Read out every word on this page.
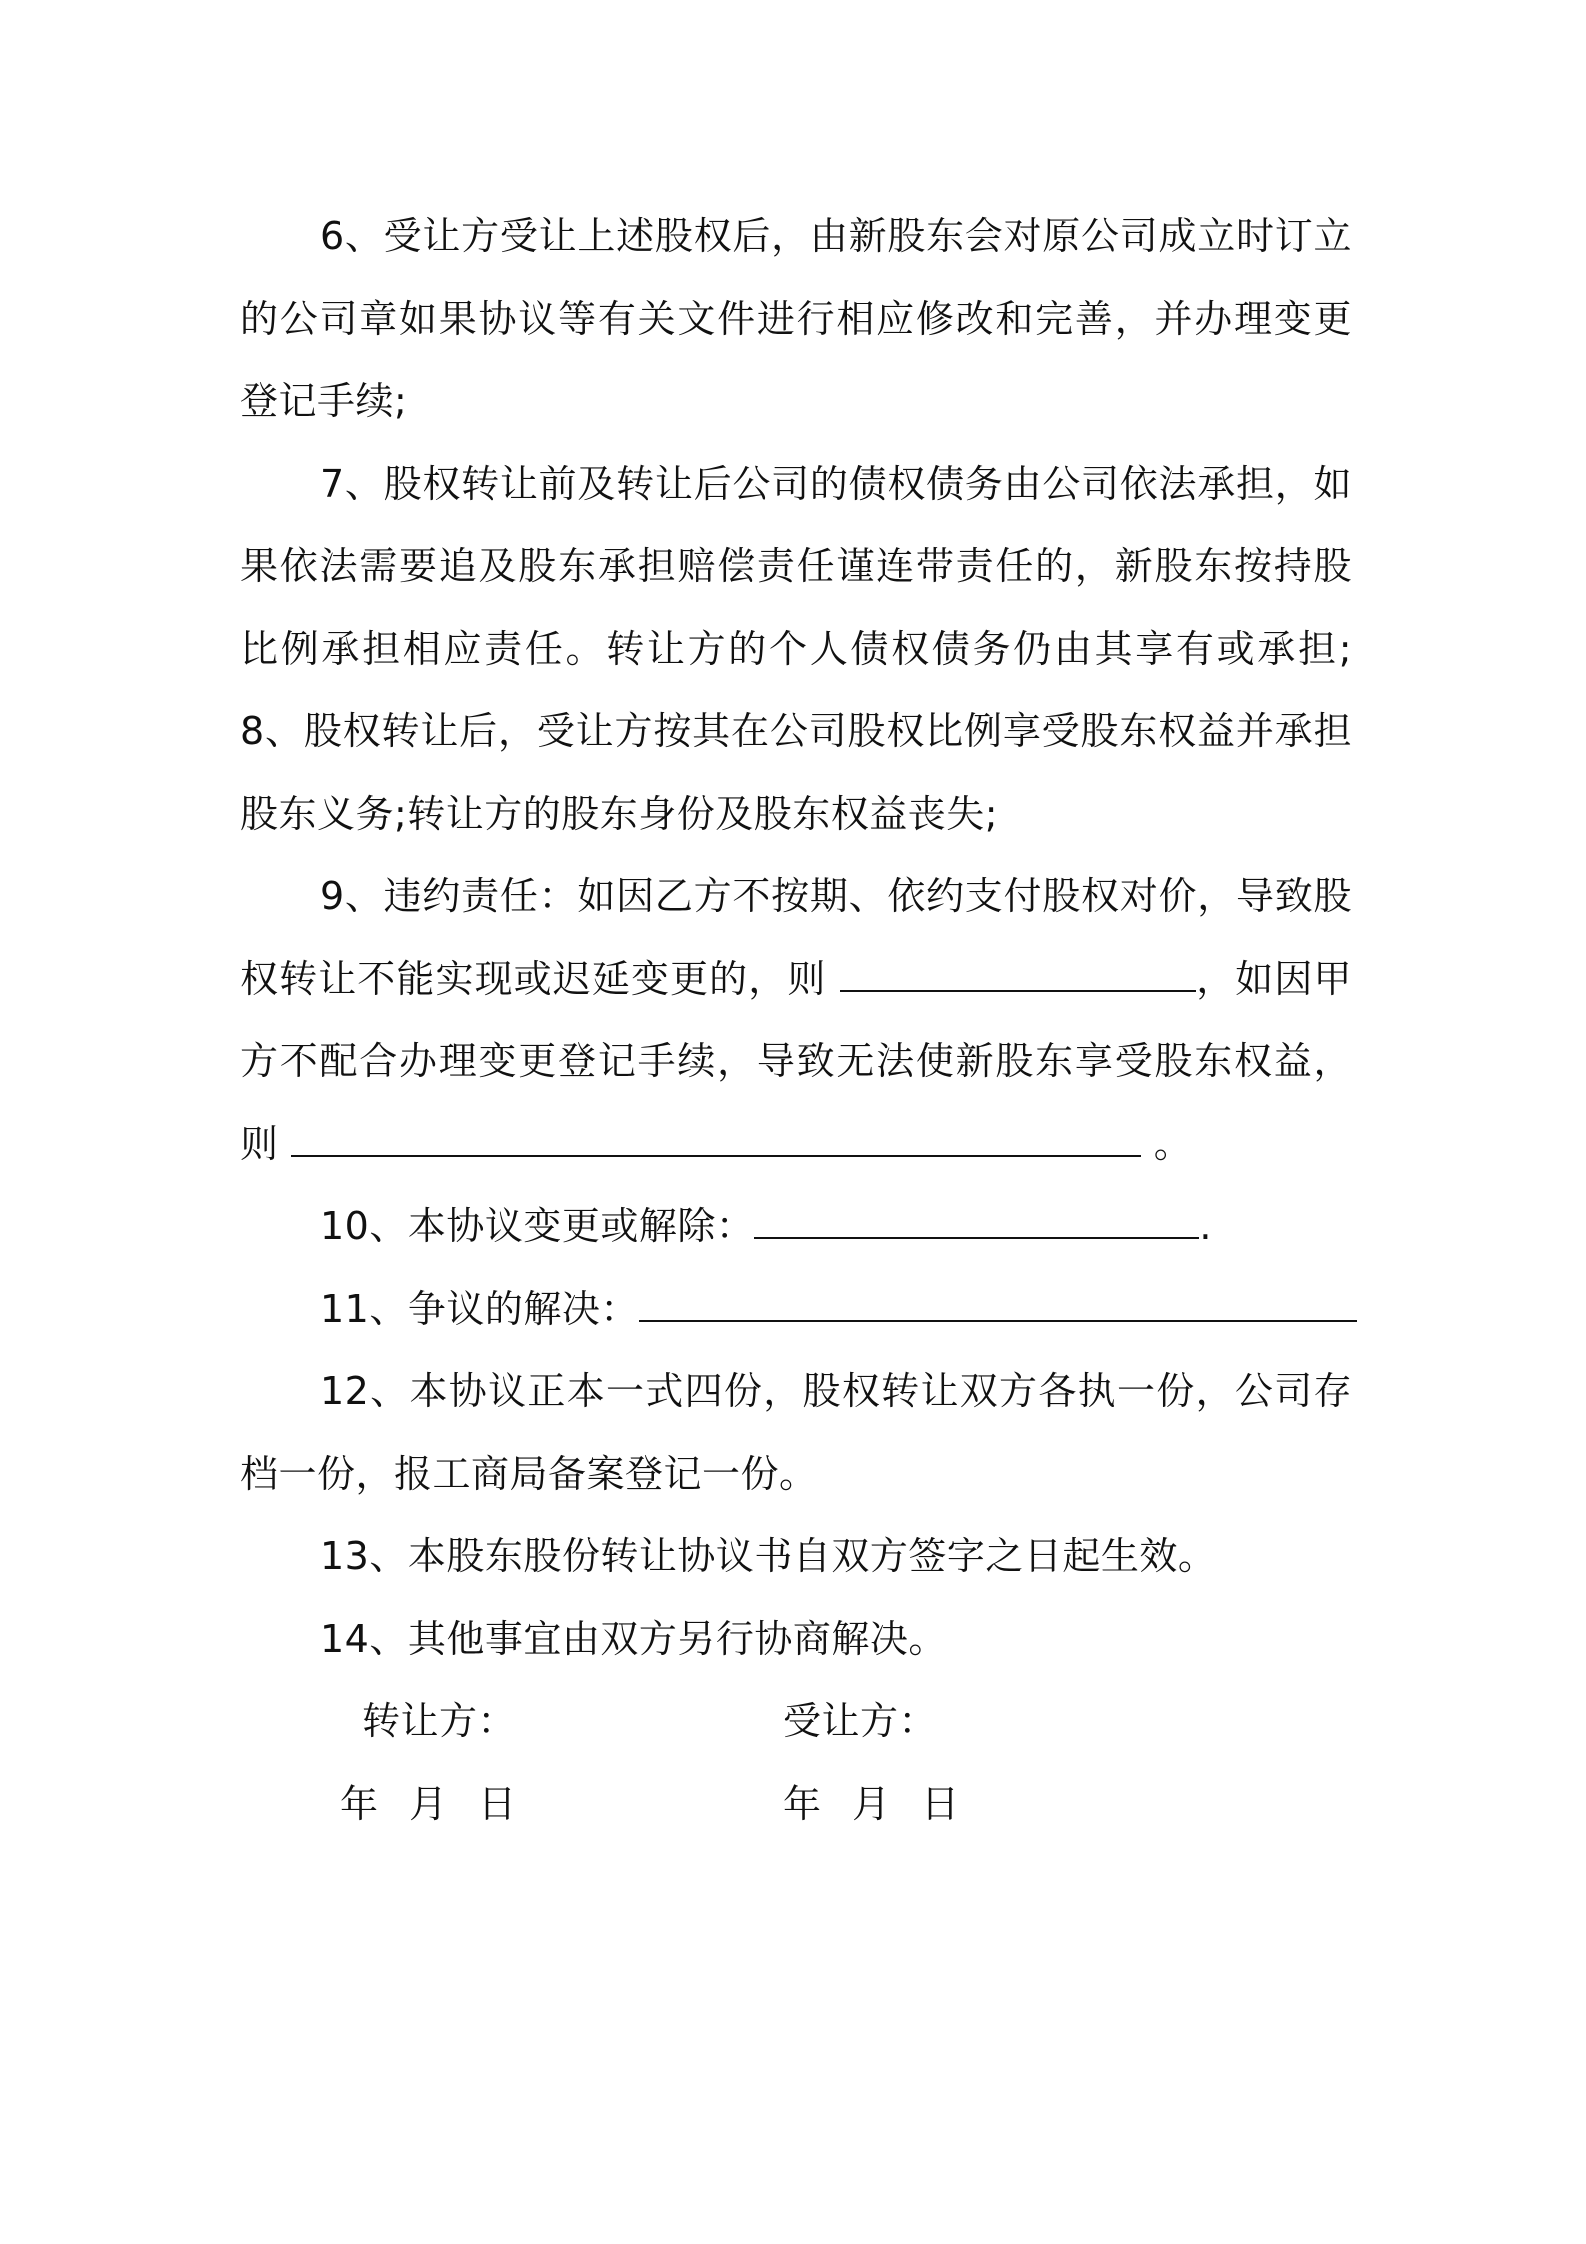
6、受让方受让上述股权后，由新股东会对原公司成立时订立的公司章如果协议等有关文件进行相应修改和完善，并办理变更 登记手续;

7、股权转让前及转让后公司的债权债务由公司依法承担，如果依法需要追及股东承担赔偿责任谨连带责任的，新股东按持股比例承担相应责任。转让方的个人债权债务仍由其享有或承担; 8、股权转让后，受让方按其在公司股权比例享受股东权益并承担股东义务;转让方的股东身份及股东权益丧失;

9、违约责任：如因乙方不按期、依约支付股权对价，导致股权转让不能实现或迟延变更的，则	，如因甲方不配合办理变更登记手续，导致无法使新股东享受股东权益，则	。

10、本协议变更或解除：	.

11、争议的解决：

12、本协议正本一式四份，股权转让双方各执一份，公司存档一份，报工商局备案登记一份。

13、本股东股份转让协议书自双方签字之日起生效。

14、其他事宜由双方另行协商解决。

转让方：	受让方：
年 月 日	年 月 日
